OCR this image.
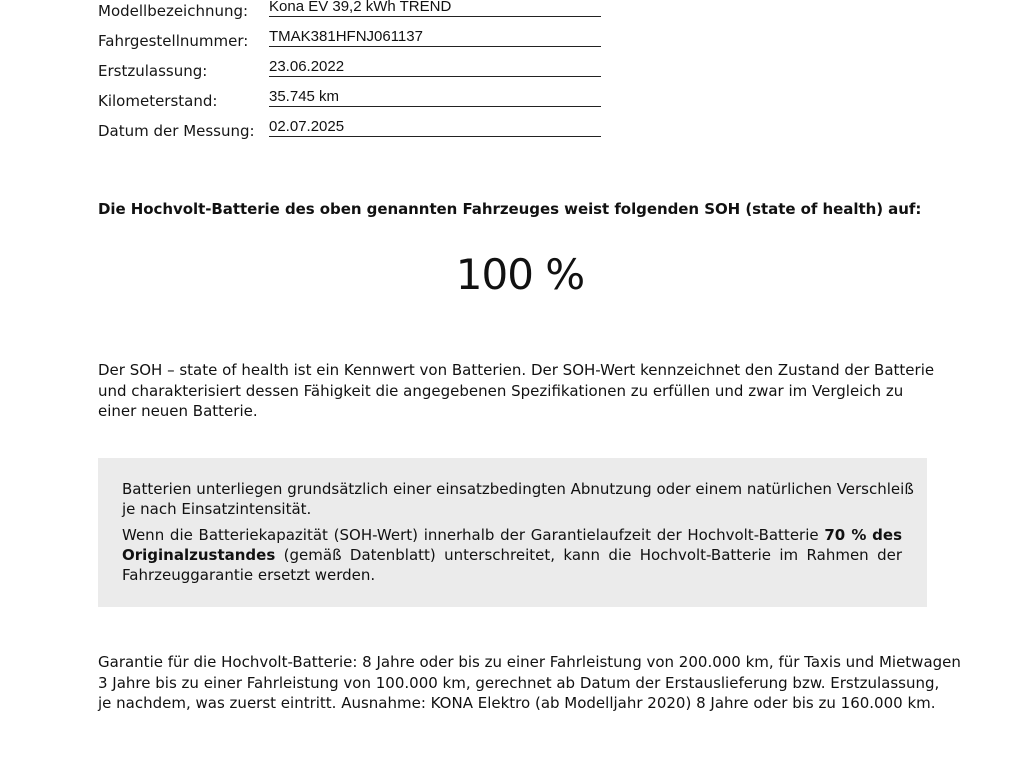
Modellbezeichnung: Kona EV 39,2 kWh TREND
Fahrgestellnummer: TMAK381HFNJ061137
Erstzulassung:	23.06.2022
Kilometerstand:	35.745 km
Datum der Messung: 02.07.2025
Die Hochvolt-Batterie des oben genannten Fahrzeuges weist folgenden SOH (state of health) auf:
100 %
Der SOH – state of health ist ein Kennwert von Batterien. Der SOH-Wert kennzeichnet den Zustand der Batterie
und charakterisiert dessen Fähigkeit die angegebenen Spezifikationen zu erfüllen und zwar im Vergleich zu
einer neuen Batterie.
Batterien unterliegen grundsätzlich einer einsatzbedingten Abnutzung oder einem natürlichen Verschleiß
je nach Einsatzintensität.
Wenn die Batteriekapazität (SOH-Wert) innerhalb der Garantielaufzeit der Hochvolt-Batterie 70 % des Originalzustandes (gemäß Datenblatt) unterschreitet, kann die Hochvolt-Batterie im Rahmen der
Fahrzeuggarantie ersetzt werden.
Garantie für die Hochvolt-Batterie: 8 Jahre oder bis zu einer Fahrleistung von 200.000 km, für Taxis und Mietwagen
3 Jahre bis zu einer Fahrleistung von 100.000 km, gerechnet ab Datum der Erstauslieferung bzw. Erstzulassung,
je nachdem, was zuerst eintritt. Ausnahme: KONA Elektro (ab Modelljahr 2020) 8 Jahre oder bis zu 160.000 km.
